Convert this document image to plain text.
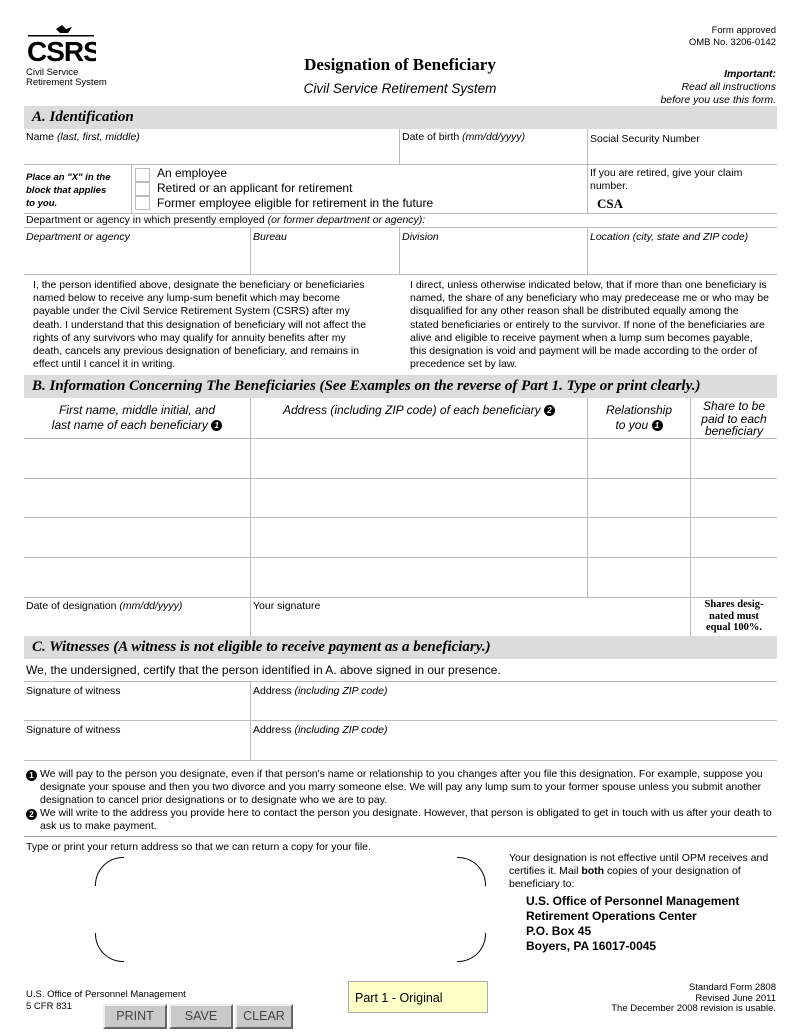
CSRS
Civil Service
Retirement System
Designation of Beneficiary
Civil Service Retirement System
Form approved
OMB No. 3206-0142
Important:
Read all instructions
before you use this form.
A. Identification
Name (last, first, middle)	Date of birth (mm/dd/yyyy)	Social Security Number
Place an "X" in the
block that applies
to you.
An employee
Retired or an applicant for retirement
Former employee eligible for retirement in the future
If you are retired, give your claim
number.
CSA
Department or agency in which presently employed (or former department or agency):
Department or agency	Bureau	Division	Location (city, state and ZIP code)
I, the person identified above, designate the beneficiary or beneficiaries named below to receive any lump-sum benefit which may become payable under the Civil Service Retirement System (CSRS) after my death. I understand that this designation of beneficiary will not affect the rights of any survivors who may qualify for annuity benefits after my death, cancels any previous designation of beneficiary, and remains in effect until I cancel it in writing.
I direct, unless otherwise indicated below, that if more than one beneficiary is named, the share of any beneficiary who may predecease me or who may be disqualified for any other reason shall be distributed equally among the stated beneficiaries or entirely to the survivor. If none of the beneficiaries are alive and eligible to receive payment when a lump sum becomes payable, this designation is void and payment will be made according to the order of precedence set by law.
B. Information Concerning The Beneficiaries (See Examples on the reverse of Part 1. Type or print clearly.)
First name, middle initial, and
last name of each beneficiary 1
Address (including ZIP code) of each beneficiary 2	Relationship
to you 1
Share to be
paid to each
beneficiary
Date of designation (mm/dd/yyyy)	Your signature	Shares desig-
nated must
equal 100%.
C. Witnesses (A witness is not eligible to receive payment as a beneficiary.)
We, the undersigned, certify that the person identified in A. above signed in our presence.
Signature of witness	Address (including ZIP code)
Signature of witness	Address (including ZIP code)
1 We will pay to the person you designate, even if that person's name or relationship to you changes after you file this designation. For example, suppose you designate your spouse and then you two divorce and you marry someone else. We will pay any lump sum to your former spouse unless you submit another designation to cancel prior designations or to designate who we are to pay.
2 We will write to the address you provide here to contact the person you designate. However, that person is obligated to get in touch with us after your death to ask us to make payment.
Type or print your return address so that we can return a copy for your file.
Your designation is not effective until OPM receives and
certifies it. Mail both copies of your designation of
beneficiary to:
U.S. Office of Personnel Management
Retirement Operations Center
P.O. Box 45
Boyers, PA 16017-0045
U.S. Office of Personnel Management
5 CFR 831
Part 1 - Original
Standard Form 2808
Revised June 2011
The December 2008 revision is usable.
PRINT	SAVE	CLEAR
